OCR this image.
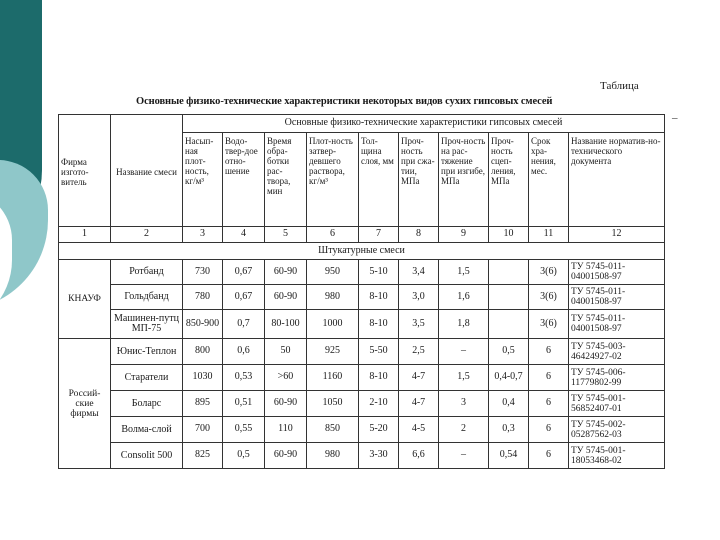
Таблица
Основные физико-технические характеристики некоторых видов сухих гипсовых смесей
–
Фирма изгото-витель	Название смеси	Основные физико-технические характеристики гипсовых смесей									
		Насып-ная плот-ность, кг/м³	Водо-твер-дое отно-шение	Время обра-ботки рас-твора, мин	Плот-ность затвер-девшего раствора, кг/м³	Тол-щина слоя, мм	Проч-ность при сжа-тии, МПа	Проч-ность на рас-тяжение при изгибе, МПа	Проч-ность сцеп-ления, МПа	Срок хра-нения, мес.	Название норматив-но-технического документа
1	2	3	4	5	6	7	8	9	10	11	12
Штукатурные смеси											
КНАУФ	Ротбанд	730	0,67	60-90	950	5-10	3,4	1,5		3(6)	ТУ 5745-011-04001508-97
	Гольдбанд	780	0,67	60-90	980	8-10	3,0	1,6		3(6)	ТУ 5745-011-04001508-97
	Машинен-путц МП-75	850-900	0,7	80-100	1000	8-10	3,5	1,8		3(6)	ТУ 5745-011-04001508-97
Россий-ские фирмы	Юнис-Теплон	800	0,6	50	925	5-50	2,5	–	0,5	6	ТУ 5745-003-46424927-02
	Старатели	1030	0,53	>60	1160	8-10	4-7	1,5	0,4-0,7	6	ТУ 5745-006-11779802-99
	Боларс	895	0,51	60-90	1050	2-10	4-7	3	0,4	6	ТУ 5745-001-56852407-01
	Волма-слой	700	0,55	110	850	5-20	4-5	2	0,3	6	ТУ 5745-002-05287562-03
	Consolit 500	825	0,5	60-90	980	3-30	6,6	–	0,54	6	ТУ 5745-001-18053468-02
